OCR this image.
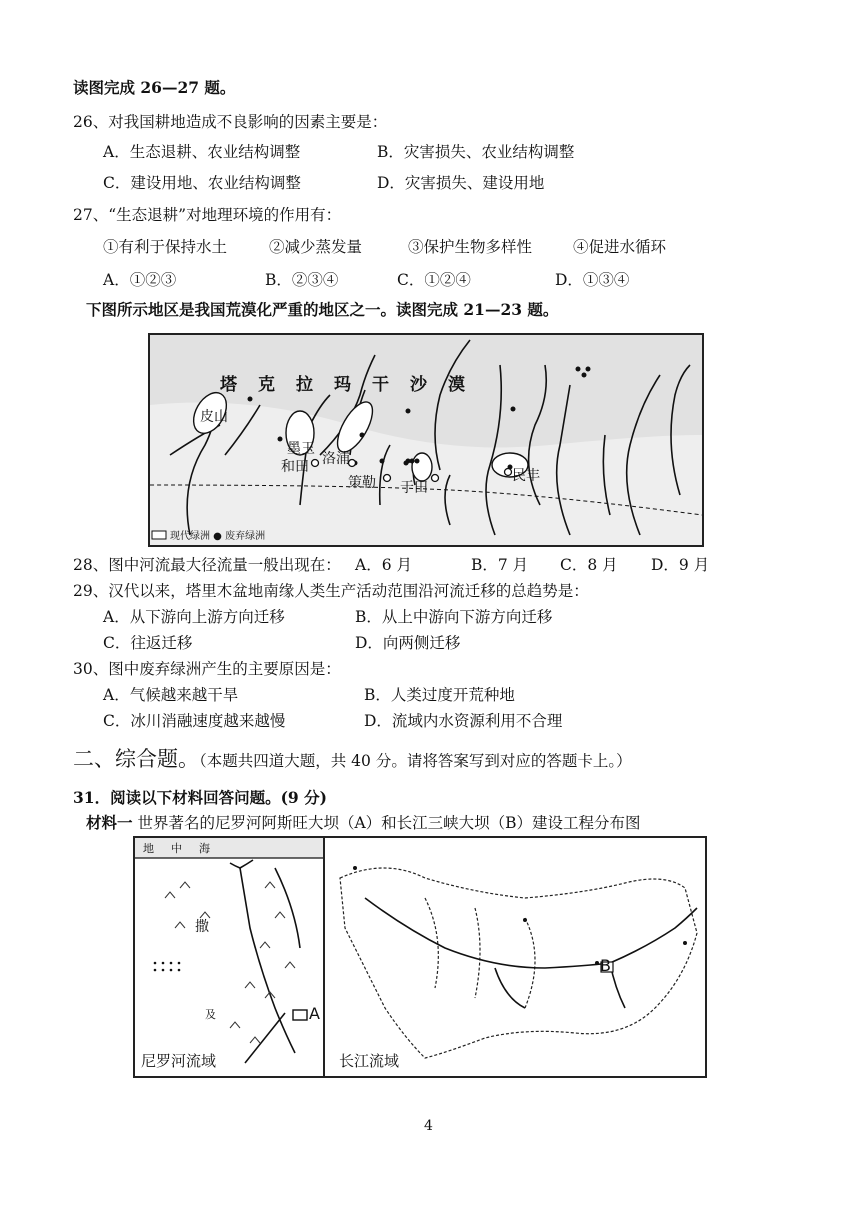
读图完成 26—27 题。
26、对我国耕地造成不良影响的因素主要是：
A．生态退耕、农业结构调整	B．灾害损失、农业结构调整
C．建设用地、农业结构调整	D．灾害损失、建设用地
27、“生态退耕”对地理环境的作用有：
①有利于保持水土	②减少蒸发量	③保护生物多样性	④促进水循环
A．①②③	B．②③④	C．①②④	D．①③④
下图所示地区是我国荒漠化严重的地区之一。读图完成 21—23 题。
塔　克　拉　玛　干　沙　漠
皮山
墨玉
和田 洛浦
策勒 于田
民丰
现代绿洲 ● 废弃绿洲
28、图中河流最大径流量一般出现在： A．6 月	B．7 月 C．8 月 D．9 月
29、汉代以来，塔里木盆地南缘人类生产活动范围沿河流迁移的总趋势是：
A．从下游向上游方向迁移	B．从上中游向下游方向迁移
C．往返迁移	D．向两侧迁移
30、图中废弃绿洲产生的主要原因是：
A．气候越来越干旱	B．人类过度开荒种地
C．冰川消融速度越来越慢	D．流域内水资源利用不合理
二、综合题。（本题共四道大题，共 40 分。请将答案写到对应的答题卡上。）
31．阅读以下材料回答问题。(9 分)
材料一 世界著名的尼罗河阿斯旺大坝（A）和长江三峡大坝（B）建设工程分布图
地　中　海
撒
及	A
尼罗河流域
B
长江流域
4
